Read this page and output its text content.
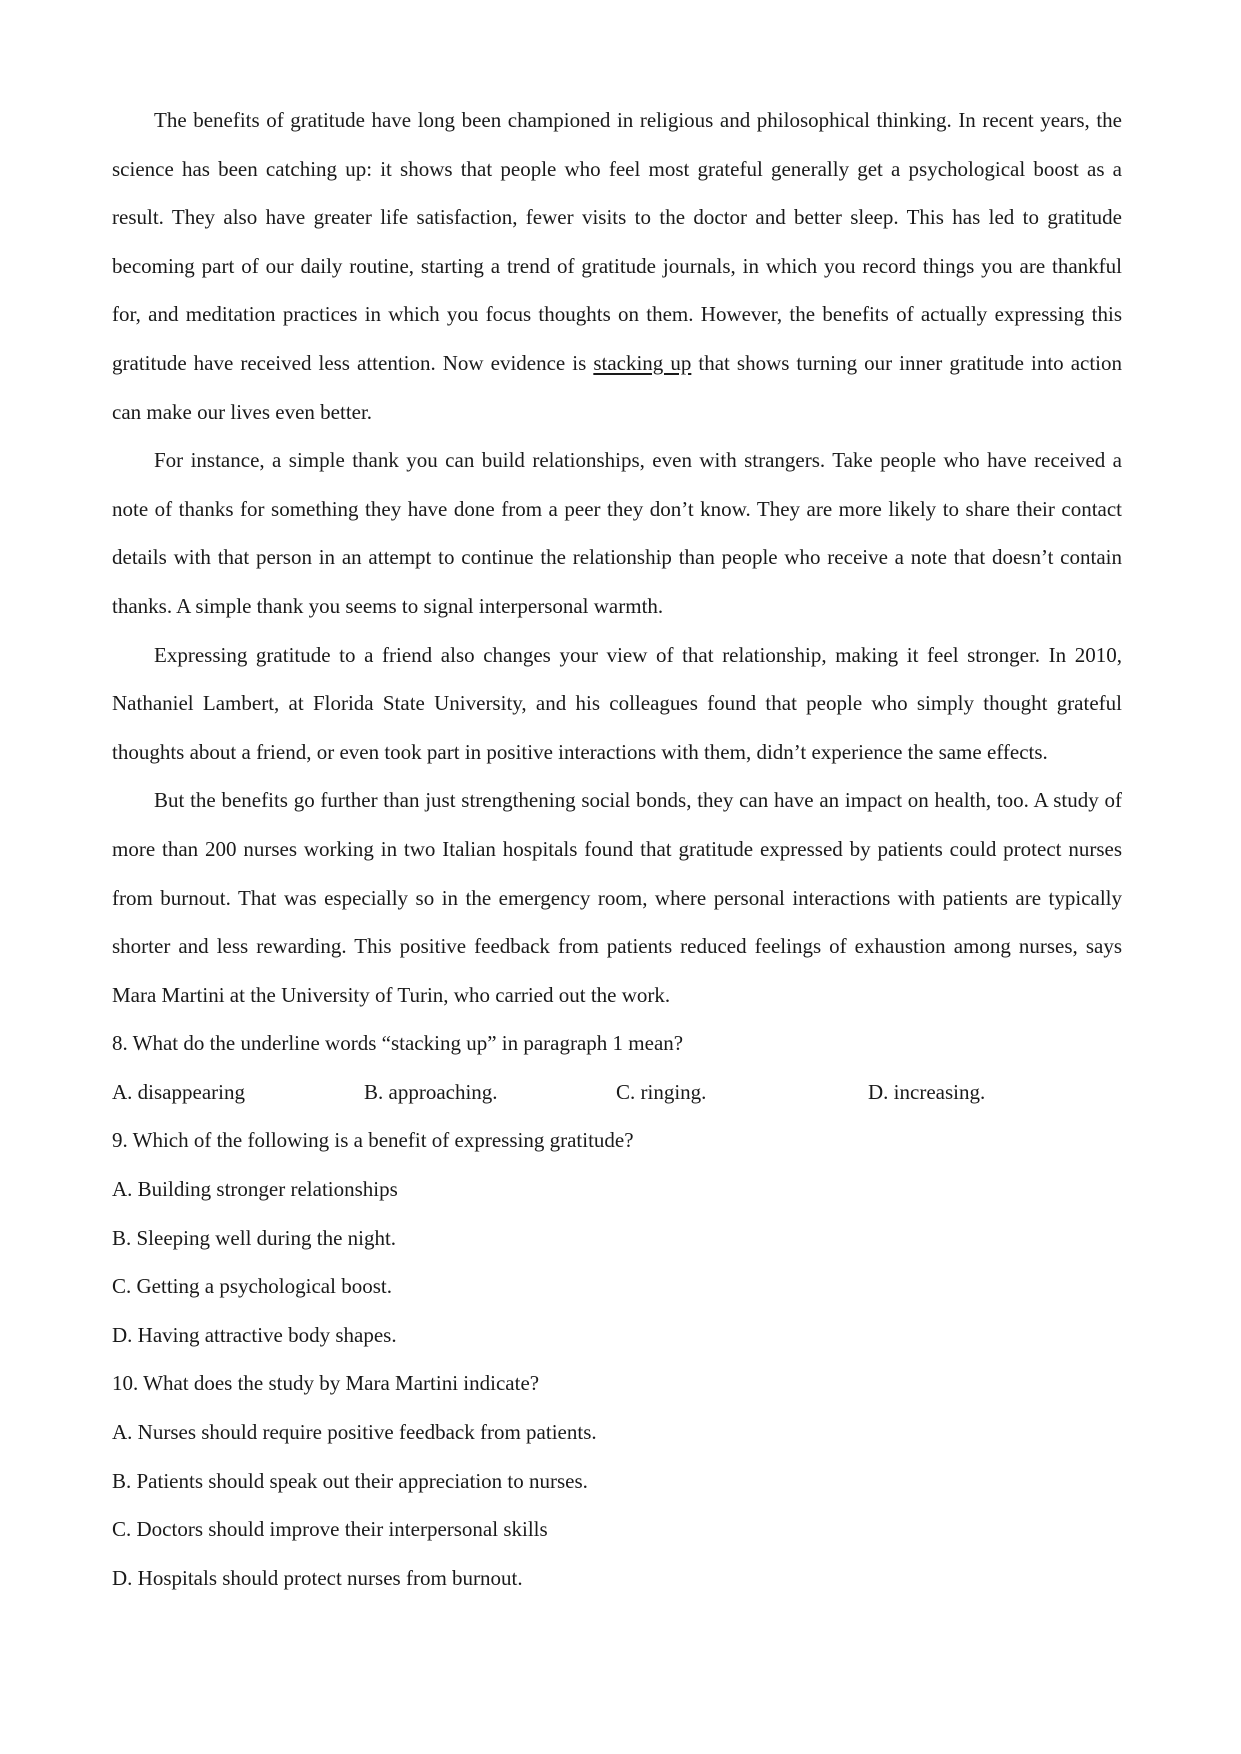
The benefits of gratitude have long been championed in religious and philosophical thinking. In recent years, the science has been catching up: it shows that people who feel most grateful generally get a psychological boost as a result. They also have greater life satisfaction, fewer visits to the doctor and better sleep. This has led to gratitude becoming part of our daily routine, starting a trend of gratitude journals, in which you record things you are thankful for, and meditation practices in which you focus thoughts on them. However, the benefits of actually expressing this gratitude have received less attention. Now evidence is stacking up that shows turning our inner gratitude into action can make our lives even better.

For instance, a simple thank you can build relationships, even with strangers. Take people who have received a note of thanks for something they have done from a peer they don’t know. They are more likely to share their contact details with that person in an attempt to continue the relationship than people who receive a note that doesn’t contain thanks. A simple thank you seems to signal interpersonal warmth.

Expressing gratitude to a friend also changes your view of that relationship, making it feel stronger. In 2010, Nathaniel Lambert, at Florida State University, and his colleagues found that people who simply thought grateful thoughts about a friend, or even took part in positive interactions with them, didn’t experience the same effects.

But the benefits go further than just strengthening social bonds, they can have an impact on health, too. A study of more than 200 nurses working in two Italian hospitals found that gratitude expressed by patients could protect nurses from burnout. That was especially so in the emergency room, where personal interactions with patients are typically shorter and less rewarding. This positive feedback from patients reduced feelings of exhaustion among nurses, says Mara Martini at the University of Turin, who carried out the work.

8. What do the underline words “stacking up” in paragraph 1 mean?

A. disappearing	B. approaching.	C. ringing.	D. increasing.

9. Which of the following is a benefit of expressing gratitude?

A. Building stronger relationships

B. Sleeping well during the night.

C. Getting a psychological boost.

D. Having attractive body shapes.

10. What does the study by Mara Martini indicate?

A. Nurses should require positive feedback from patients.

B. Patients should speak out their appreciation to nurses.

C. Doctors should improve their interpersonal skills

D. Hospitals should protect nurses from burnout.
